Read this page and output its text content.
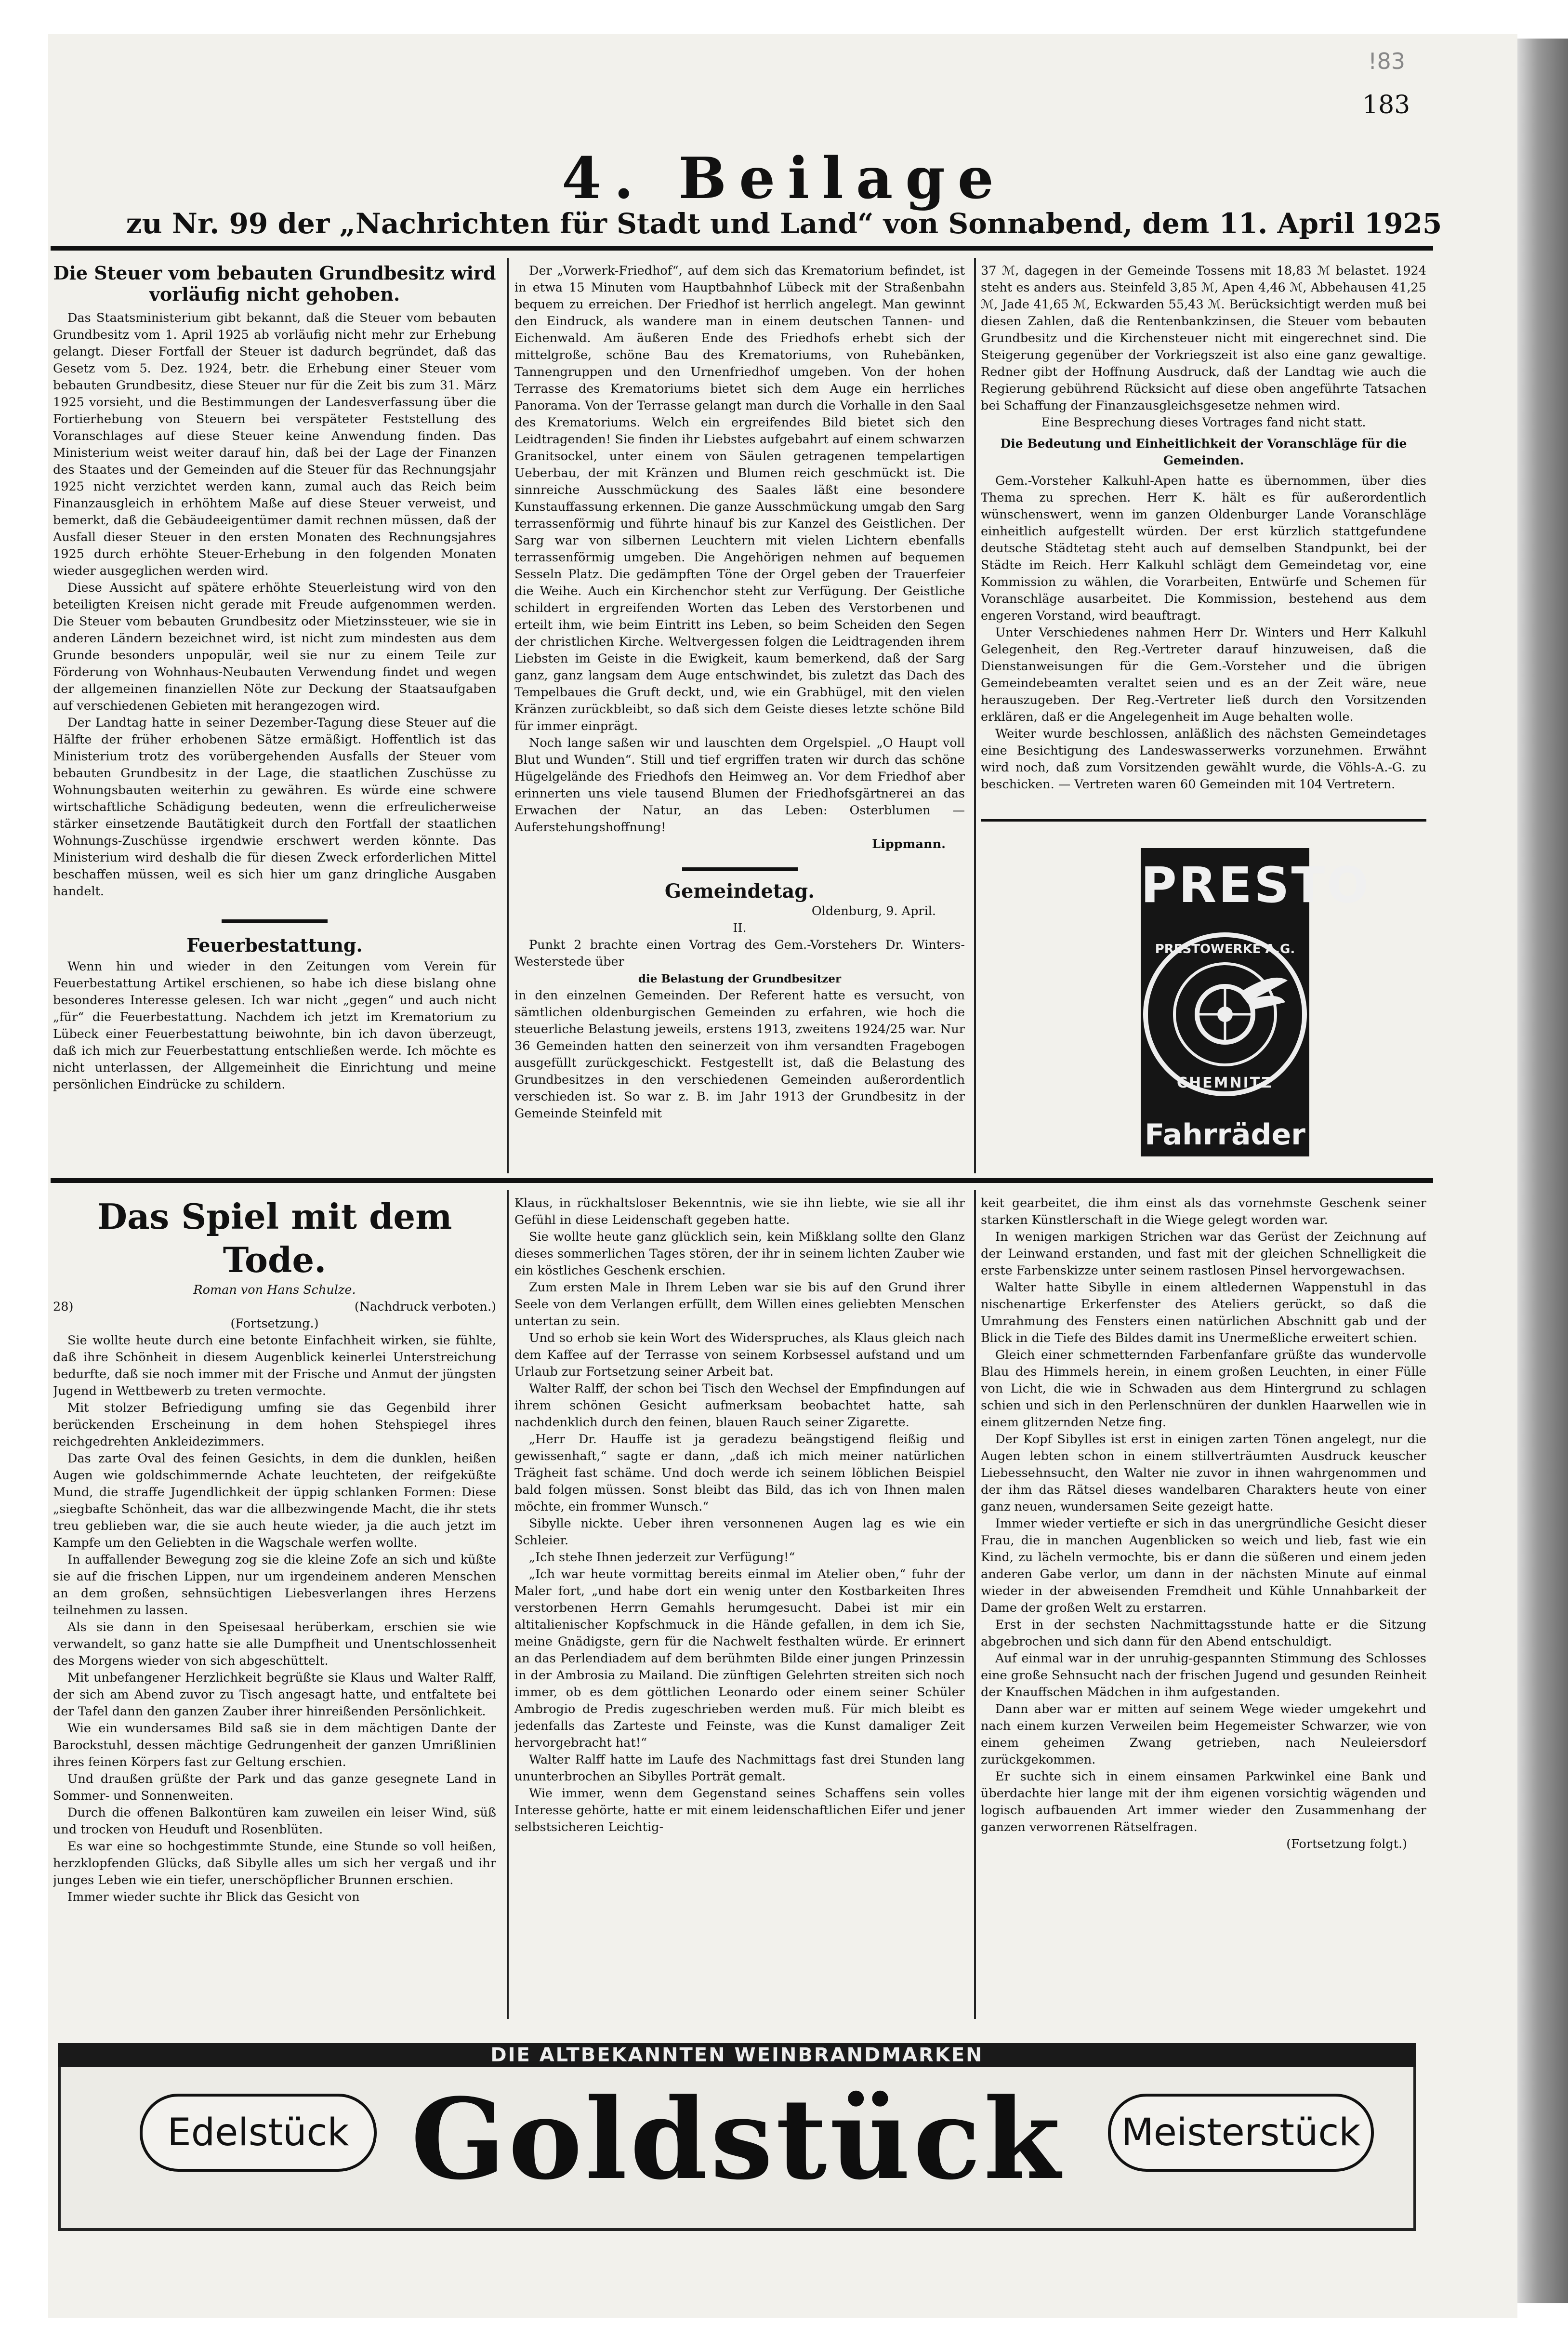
!83
183
4. Beilage
zu Nr. 99 der „Nachrichten für Stadt und Land“ von Sonnabend, dem 11. April 1925
Die Steuer vom bebauten Grundbesitz wird vorläufig nicht gehoben.

Das Staatsministerium gibt bekannt, daß die Steuer vom bebauten Grundbesitz vom 1. April 1925 ab vorläufig nicht mehr zur Erhebung gelangt. Dieser Fortfall der Steuer ist dadurch begründet, daß das Gesetz vom 5. Dez. 1924, betr. die Erhebung einer Steuer vom bebauten Grundbesitz, diese Steuer nur für die Zeit bis zum 31. März 1925 vorsieht, und die Bestimmungen der Landesverfassung über die Fortierhebung von Steuern bei verspäteter Feststellung des Voranschlages auf diese Steuer keine Anwendung finden. Das Ministerium weist weiter darauf hin, daß bei der Lage der Finanzen des Staates und der Gemeinden auf die Steuer für das Rechnungsjahr 1925 nicht verzichtet werden kann, zumal auch das Reich beim Finanzausgleich in erhöhtem Maße auf diese Steuer verweist, und bemerkt, daß die Gebäudeeigentümer damit rechnen müssen, daß der Ausfall dieser Steuer in den ersten Monaten des Rechnungsjahres 1925 durch erhöhte Steuer-Erhebung in den folgenden Monaten wieder ausgeglichen werden wird.

Diese Aussicht auf spätere erhöhte Steuerleistung wird von den beteiligten Kreisen nicht gerade mit Freude aufgenommen werden. Die Steuer vom bebauten Grundbesitz oder Mietzinssteuer, wie sie in anderen Ländern bezeichnet wird, ist nicht zum mindesten aus dem Grunde besonders unpopulär, weil sie nur zu einem Teile zur Förderung von Wohnhaus-Neubauten Verwendung findet und wegen der allgemeinen finanziellen Nöte zur Deckung der Staatsaufgaben auf verschiedenen Gebieten mit herangezogen wird.

Der Landtag hatte in seiner Dezember-Tagung diese Steuer auf die Hälfte der früher erhobenen Sätze ermäßigt. Hoffentlich ist das Ministerium trotz des vorübergehenden Ausfalls der Steuer vom bebauten Grundbesitz in der Lage, die staatlichen Zuschüsse zu Wohnungsbauten weiterhin zu gewähren. Es würde eine schwere wirtschaftliche Schädigung bedeuten, wenn die erfreulicherweise stärker einsetzende Bautätigkeit durch den Fortfall der staatlichen Wohnungs-Zuschüsse irgendwie erschwert werden könnte. Das Ministerium wird deshalb die für diesen Zweck erforderlichen Mittel beschaffen müssen, weil es sich hier um ganz dringliche Ausgaben handelt.

Feuerbestattung.

Wenn hin und wieder in den Zeitungen vom Verein für Feuerbestattung Artikel erschienen, so habe ich diese bislang ohne besonderes Interesse gelesen. Ich war nicht „gegen“ und auch nicht „für“ die Feuerbestattung. Nachdem ich jetzt im Krematorium zu Lübeck einer Feuerbestattung beiwohnte, bin ich davon überzeugt, daß ich mich zur Feuerbestattung entschließen werde. Ich möchte es nicht unterlassen, der Allgemeinheit die Einrichtung und meine persönlichen Eindrücke zu schildern.

Der „Vorwerk-Friedhof“, auf dem sich das Krematorium befindet, ist in etwa 15 Minuten vom Hauptbahnhof Lübeck mit der Straßenbahn bequem zu erreichen. Der Friedhof ist herrlich angelegt. Man gewinnt den Eindruck, als wandere man in einem deutschen Tannen- und Eichenwald. Am äußeren Ende des Friedhofs erhebt sich der mittelgroße, schöne Bau des Krematoriums, von Ruhebänken, Tannengruppen und den Urnenfriedhof umgeben. Von der hohen Terrasse des Krematoriums bietet sich dem Auge ein herrliches Panorama. Von der Terrasse gelangt man durch die Vorhalle in den Saal des Krematoriums. Welch ein ergreifendes Bild bietet sich den Leidtragenden! Sie finden ihr Liebstes aufgebahrt auf einem schwarzen Granitsockel, unter einem von Säulen getragenen tempelartigen Ueberbau, der mit Kränzen und Blumen reich geschmückt ist. Die sinnreiche Ausschmückung des Saales läßt eine besondere Kunstauffassung erkennen. Die ganze Ausschmückung umgab den Sarg terrassenförmig und führte hinauf bis zur Kanzel des Geistlichen. Der Sarg war von silbernen Leuchtern mit vielen Lichtern ebenfalls terrassenförmig umgeben. Die Angehörigen nehmen auf bequemen Sesseln Platz. Die gedämpften Töne der Orgel geben der Trauerfeier die Weihe. Auch ein Kirchenchor steht zur Verfügung. Der Geistliche schildert in ergreifenden Worten das Leben des Verstorbenen und erteilt ihm, wie beim Eintritt ins Leben, so beim Scheiden den Segen der christlichen Kirche. Weltvergessen folgen die Leidtragenden ihrem Liebsten im Geiste in die Ewigkeit, kaum bemerkend, daß der Sarg ganz, ganz langsam dem Auge entschwindet, bis zuletzt das Dach des Tempelbaues die Gruft deckt, und, wie ein Grabhügel, mit den vielen Kränzen zurückbleibt, so daß sich dem Geiste dieses letzte schöne Bild für immer einprägt.

Noch lange saßen wir und lauschten dem Orgelspiel. „O Haupt voll Blut und Wunden“. Still und tief ergriffen traten wir durch das schöne Hügelgelände des Friedhofs den Heimweg an. Vor dem Friedhof aber erinnerten uns viele tausend Blumen der Friedhofsgärtnerei an das Erwachen der Natur, an das Leben: Osterblumen — Auferstehungshoffnung!

Lippmann.
Gemeindetag.
Oldenburg, 9. April.
II.

Punkt 2 brachte einen Vortrag des Gem.-Vorstehers Dr. Winters-Westerstede über

die Belastung der Grundbesitzer

in den einzelnen Gemeinden. Der Referent hatte es versucht, von sämtlichen oldenburgischen Gemeinden zu erfahren, wie hoch die steuerliche Belastung jeweils, erstens 1913, zweitens 1924/25 war. Nur 36 Gemeinden hatten den seinerzeit von ihm versandten Fragebogen ausgefüllt zurückgeschickt. Festgestellt ist, daß die Belastung des Grundbesitzes in den verschiedenen Gemeinden außerordentlich verschieden ist. So war z. B. im Jahr 1913 der Grundbesitz in der Gemeinde Steinfeld mit

37 ℳ, dagegen in der Gemeinde Tossens mit 18,83 ℳ belastet. 1924 steht es anders aus. Steinfeld 3,85 ℳ, Apen 4,46 ℳ, Abbehausen 41,25 ℳ, Jade 41,65 ℳ, Eckwarden 55,43 ℳ. Berücksichtigt werden muß bei diesen Zahlen, daß die Rentenbankzinsen, die Steuer vom bebauten Grundbesitz und die Kirchensteuer nicht mit eingerechnet sind. Die Steigerung gegenüber der Vorkriegszeit ist also eine ganz gewaltige. Redner gibt der Hoffnung Ausdruck, daß der Landtag wie auch die Regierung gebührend Rücksicht auf diese oben angeführte Tatsachen bei Schaffung der Finanzausgleichsgesetze nehmen wird.

Eine Besprechung dieses Vortrages fand nicht statt.
Die Bedeutung und Einheitlichkeit der Voranschläge für die Gemeinden.

Gem.-Vorsteher Kalkuhl-Apen hatte es übernommen, über dies Thema zu sprechen. Herr K. hält es für außerordentlich wünschenswert, wenn im ganzen Oldenburger Lande Voranschläge einheitlich aufgestellt würden. Der erst kürzlich stattgefundene deutsche Städtetag steht auch auf demselben Standpunkt, bei der Städte im Reich. Herr Kalkuhl schlägt dem Gemeindetag vor, eine Kommission zu wählen, die Vorarbeiten, Entwürfe und Schemen für Voranschläge ausarbeitet. Die Kommission, bestehend aus dem engeren Vorstand, wird beauftragt.

Unter Verschiedenes nahmen Herr Dr. Winters und Herr Kalkuhl Gelegenheit, den Reg.-Vertreter darauf hinzuweisen, daß die Dienstanweisungen für die Gem.-Vorsteher und die übrigen Gemeindebeamten veraltet seien und es an der Zeit wäre, neue herauszugeben. Der Reg.-Vertreter ließ durch den Vorsitzenden erklären, daß er die Angelegenheit im Auge behalten wolle.

Weiter wurde beschlossen, anläßlich des nächsten Gemeindetages eine Besichtigung des Landeswasserwerks vorzunehmen. Erwähnt wird noch, daß zum Vorsitzenden gewählt wurde, die Vöhls-A.-G. zu beschicken. — Vertreten waren 60 Gemeinden mit 104 Vertretern.

PRESTO
PRESTOWERKE A.G.
CHEMNITZ
Fahrräder
Das Spiel mit dem Tode.
Roman von Hans Schulze.
28)	(Nachdruck verboten.)
(Fortsetzung.)

Sie wollte heute durch eine betonte Einfachheit wirken, sie fühlte, daß ihre Schönheit in diesem Augenblick keinerlei Unterstreichung bedurfte, daß sie noch immer mit der Frische und Anmut der jüngsten Jugend in Wettbewerb zu treten vermochte.

Mit stolzer Befriedigung umfing sie das Gegenbild ihrer berückenden Erscheinung in dem hohen Stehspiegel ihres reichgedrehten Ankleidezimmers.

Das zarte Oval des feinen Gesichts, in dem die dunklen, heißen Augen wie goldschimmernde Achate leuchteten, der reifgeküßte Mund, die straffe Jugendlichkeit der üppig schlanken Formen: Diese „siegbafte Schönheit, das war die allbezwingende Macht, die ihr stets treu geblieben war, die sie auch heute wieder, ja die auch jetzt im Kampfe um den Geliebten in die Wagschale werfen wollte.

In auffallender Bewegung zog sie die kleine Zofe an sich und küßte sie auf die frischen Lippen, nur um irgendeinem anderen Menschen an dem großen, sehnsüchtigen Liebesverlangen ihres Herzens teilnehmen zu lassen.

Als sie dann in den Speisesaal herüberkam, erschien sie wie verwandelt, so ganz hatte sie alle Dumpfheit und Unentschlossenheit des Morgens wieder von sich abgeschüttelt.

Mit unbefangener Herzlichkeit begrüßte sie Klaus und Walter Ralff, der sich am Abend zuvor zu Tisch angesagt hatte, und entfaltete bei der Tafel dann den ganzen Zauber ihrer hinreißenden Persönlichkeit.

Wie ein wundersames Bild saß sie in dem mächtigen Dante der Barockstuhl, dessen mächtige Gedrungenheit der ganzen Umrißlinien ihres feinen Körpers fast zur Geltung erschien.

Und draußen grüßte der Park und das ganze gesegnete Land in Sommer- und Sonnenweiten.

Durch die offenen Balkontüren kam zuweilen ein leiser Wind, süß und trocken von Heuduft und Rosenblüten.

Es war eine so hochgestimmte Stunde, eine Stunde so voll heißen, herzklopfenden Glücks, daß Sibylle alles um sich her vergaß und ihr junges Leben wie ein tiefer, unerschöpflicher Brunnen erschien.

Immer wieder suchte ihr Blick das Gesicht von

Klaus, in rückhaltsloser Bekenntnis, wie sie ihn liebte, wie sie all ihr Gefühl in diese Leidenschaft gegeben hatte.

Sie wollte heute ganz glücklich sein, kein Mißklang sollte den Glanz dieses sommerlichen Tages stören, der ihr in seinem lichten Zauber wie ein köstliches Geschenk erschien.

Zum ersten Male in Ihrem Leben war sie bis auf den Grund ihrer Seele von dem Verlangen erfüllt, dem Willen eines geliebten Menschen untertan zu sein.

Und so erhob sie kein Wort des Widerspruches, als Klaus gleich nach dem Kaffee auf der Terrasse von seinem Korbsessel aufstand und um Urlaub zur Fortsetzung seiner Arbeit bat.

Walter Ralff, der schon bei Tisch den Wechsel der Empfindungen auf ihrem schönen Gesicht aufmerksam beobachtet hatte, sah nachdenklich durch den feinen, blauen Rauch seiner Zigarette.

„Herr Dr. Hauffe ist ja geradezu beängstigend fleißig und gewissenhaft,“ sagte er dann, „daß ich mich meiner natürlichen Trägheit fast schäme. Und doch werde ich seinem löblichen Beispiel bald folgen müssen. Sonst bleibt das Bild, das ich von Ihnen malen möchte, ein frommer Wunsch.“

Sibylle nickte. Ueber ihren versonnenen Augen lag es wie ein Schleier.

„Ich stehe Ihnen jederzeit zur Verfügung!“

„Ich war heute vormittag bereits einmal im Atelier oben,“ fuhr der Maler fort, „und habe dort ein wenig unter den Kostbarkeiten Ihres verstorbenen Herrn Gemahls herumgesucht. Dabei ist mir ein altitalienischer Kopfschmuck in die Hände gefallen, in dem ich Sie, meine Gnädigste, gern für die Nachwelt festhalten würde. Er erinnert an das Perlendiadem auf dem berühmten Bilde einer jungen Prinzessin in der Ambrosia zu Mailand. Die zünftigen Gelehrten streiten sich noch immer, ob es dem göttlichen Leonardo oder einem seiner Schüler Ambrogio de Predis zugeschrieben werden muß. Für mich bleibt es jedenfalls das Zarteste und Feinste, was die Kunst damaliger Zeit hervorgebracht hat!“

Walter Ralff hatte im Laufe des Nachmittags fast drei Stunden lang ununterbrochen an Sibylles Porträt gemalt.

Wie immer, wenn dem Gegenstand seines Schaffens sein volles Interesse gehörte, hatte er mit einem leidenschaftlichen Eifer und jener selbstsicheren Leichtig-

keit gearbeitet, die ihm einst als das vornehmste Geschenk seiner starken Künstlerschaft in die Wiege gelegt worden war.

In wenigen markigen Strichen war das Gerüst der Zeichnung auf der Leinwand erstanden, und fast mit der gleichen Schnelligkeit die erste Farbenskizze unter seinem rastlosen Pinsel hervorgewachsen.

Walter hatte Sibylle in einem altledernen Wappenstuhl in das nischenartige Erkerfenster des Ateliers gerückt, so daß die Umrahmung des Fensters einen natürlichen Abschnitt gab und der Blick in die Tiefe des Bildes damit ins Unermeßliche erweitert schien.

Gleich einer schmetternden Farbenfanfare grüßte das wundervolle Blau des Himmels herein, in einem großen Leuchten, in einer Fülle von Licht, die wie in Schwaden aus dem Hintergrund zu schlagen schien und sich in den Perlenschnüren der dunklen Haarwellen wie in einem glitzernden Netze fing.

Der Kopf Sibylles ist erst in einigen zarten Tönen angelegt, nur die Augen lebten schon in einem stillverträumten Ausdruck keuscher Liebessehnsucht, den Walter nie zuvor in ihnen wahrgenommen und der ihm das Rätsel dieses wandelbaren Charakters heute von einer ganz neuen, wundersamen Seite gezeigt hatte.

Immer wieder vertiefte er sich in das unergründliche Gesicht dieser Frau, die in manchen Augenblicken so weich und lieb, fast wie ein Kind, zu lächeln vermochte, bis er dann die süßeren und einem jeden anderen Gabe verlor, um dann in der nächsten Minute auf einmal wieder in der abweisenden Fremdheit und Kühle Unnahbarkeit der Dame der großen Welt zu erstarren.

Erst in der sechsten Nachmittagsstunde hatte er die Sitzung abgebrochen und sich dann für den Abend entschuldigt.

Auf einmal war in der unruhig-gespannten Stimmung des Schlosses eine große Sehnsucht nach der frischen Jugend und gesunden Reinheit der Knauffschen Mädchen in ihm aufgestanden.

Dann aber war er mitten auf seinem Wege wieder umgekehrt und nach einem kurzen Verweilen beim Hegemeister Schwarzer, wie von einem geheimen Zwang getrieben, nach Neuleiersdorf zurückgekommen.

Er suchte sich in einem einsamen Parkwinkel eine Bank und überdachte hier lange mit der ihm eigenen vorsichtig wägenden und logisch aufbauenden Art immer wieder den Zusammenhang der ganzen verworrenen Rätselfragen.

(Fortsetzung folgt.)
DIE ALTBEKANNTEN WEINBRANDMARKEN
Edelstück Goldstück	Meisterstück
